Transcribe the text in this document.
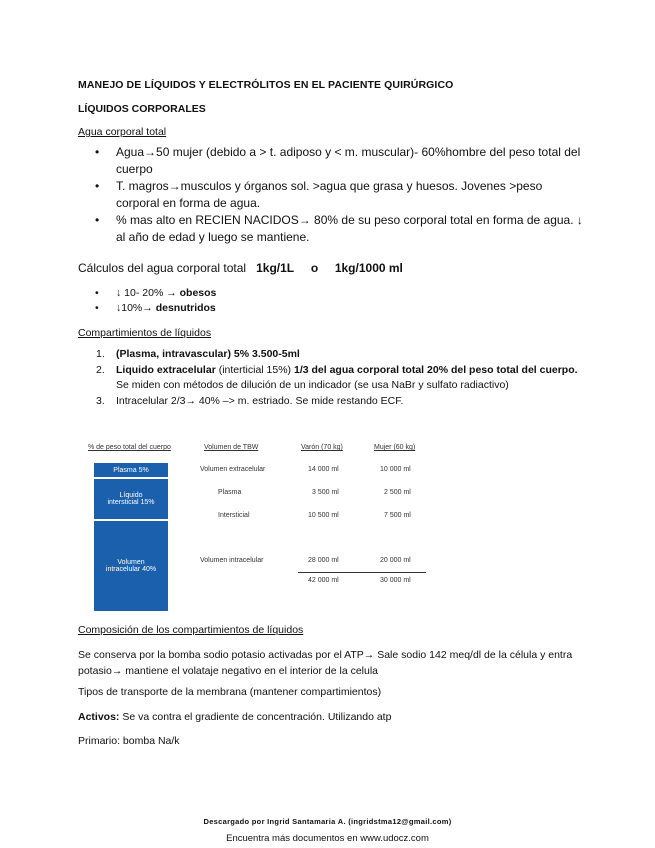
MANEJO DE LÍQUIDOS Y ELECTRÓLITOS EN EL PACIENTE QUIRÚRGICO
LÍQUIDOS CORPORALES
Agua corporal total
• Agua→50 mujer (debido a > t. adiposo y < m. muscular)- 60%hombre del peso total del cuerpo
• T. magros→musculos y órganos sol. >agua que grasa y huesos. Jovenes >peso corporal en forma de agua.
• % mas alto en RECIEN NACIDOS→ 80% de su peso corporal total en forma de agua. ↓ al año de edad y luego se mantiene.
Cálculos del agua corporal total 1kg/1L o 1kg/1000 ml
• ↓ 10- 20% → obesos
• ↓10%→ desnutridos
Compartimientos de líquidos
1. (Plasma, intravascular) 5% 3.500-5ml
2. Liquido extracelular (interticial 15%) 1/3 del agua corporal total 20% del peso total del cuerpo. Se miden con métodos de dilución de un indicador (se usa NaBr y sulfato radiactivo)
3. Intracelular 2/3→ 40% –> m. estriado. Se mide restando ECF.
% de peso total del cuerpo	Volumen de TBW	Varón (70 kg)	Mujer (60 kg)
Plasma 5%
Líquido
intersticial 15%
Volumen
intracelular 40%
Volumen extracelular	14 000 ml	10 000 ml
Plasma	3 500 ml	2 500 ml
Intersticial	10 500 ml	7 500 ml
Volumen intracelular	28 000 ml	20 000 ml
42 000 ml	30 000 ml
Composición de los compartimientos de líquidos
Se conserva por la bomba sodio potasio activadas por el ATP→ Sale sodio 142 meq/dl de la célula y entra potasio→ mantiene el volataje negativo en el interior de la celula
Tipos de transporte de la membrana (mantener compartimientos)
Activos: Se va contra el gradiente de concentración. Utilizando atp
Primario: bomba Na/k
Descargado por Ingrid Santamaria A. (ingridstma12@gmail.com)
Encuentra más documentos en www.udocz.com
